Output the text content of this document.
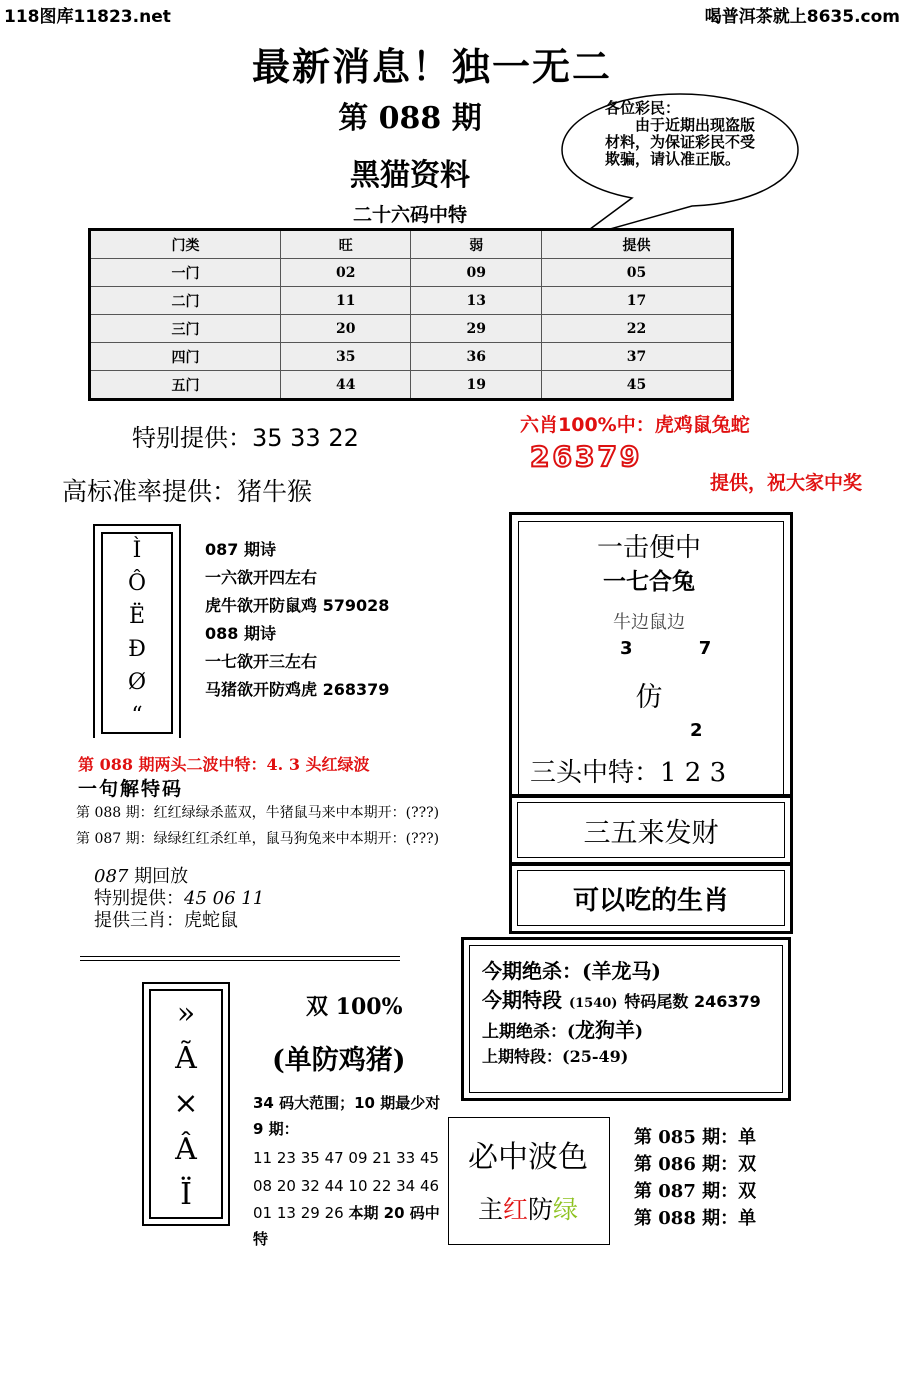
118图库11823.net	喝普洱茶就上8635.com
最新消息！独一无二
第 088 期
黑猫资料
二十六码中特
各位彩民：
由于近期出现盗版材料，为保证彩民不受欺骗，请认准正版。
门类	旺	弱	提供
一门	02	09	05
二门	11	13	17
三门	20	29	22
四门	35	36	37
五门	44	19	45
特别提供：35 33 22
高标准率提供：猪牛猴
六肖100%中：虎鸡鼠兔蛇
26379
提供，祝大家中奖
Ì
Ô
Ë
Ð
Ø
“
087 期诗
一六欲开四左右
虎牛欲开防鼠鸡 579028
088 期诗
一七欲开三左右
马猪欲开防鸡虎 268379
第 088 期两头二波中特：4. 3 头红绿波
一句解特码
第 088 期：红红绿绿杀蓝双，牛猪鼠马来中本期开：(???)
第 087 期：绿绿红红杀红单，鼠马狗兔来中本期开：(???)
087 期回放
特别提供：45 06 11
提供三肖：虎蛇鼠
一击便中
一七合兔
牛边鼠边
3 7
仿
2
三头中特：1 2 3
三五来发财
可以吃的生肖
今期绝杀：(羊龙马)
今期特段 (1540) 特码尾数 246379
上期绝杀：(龙狗羊)
上期特段：(25-49)
»
Ã
×
Â
Ï
双 100%
(单防鸡猪)
34 码大范围；10 期最少对 9 期：
11 23 35 47 09 21 33 45
08 20 32 44 10 22 34 46
01 13 29 26 本期 20 码中特
必中波色
主红防绿
第 085 期：单
第 086 期：双
第 087 期：双
第 088 期：单
